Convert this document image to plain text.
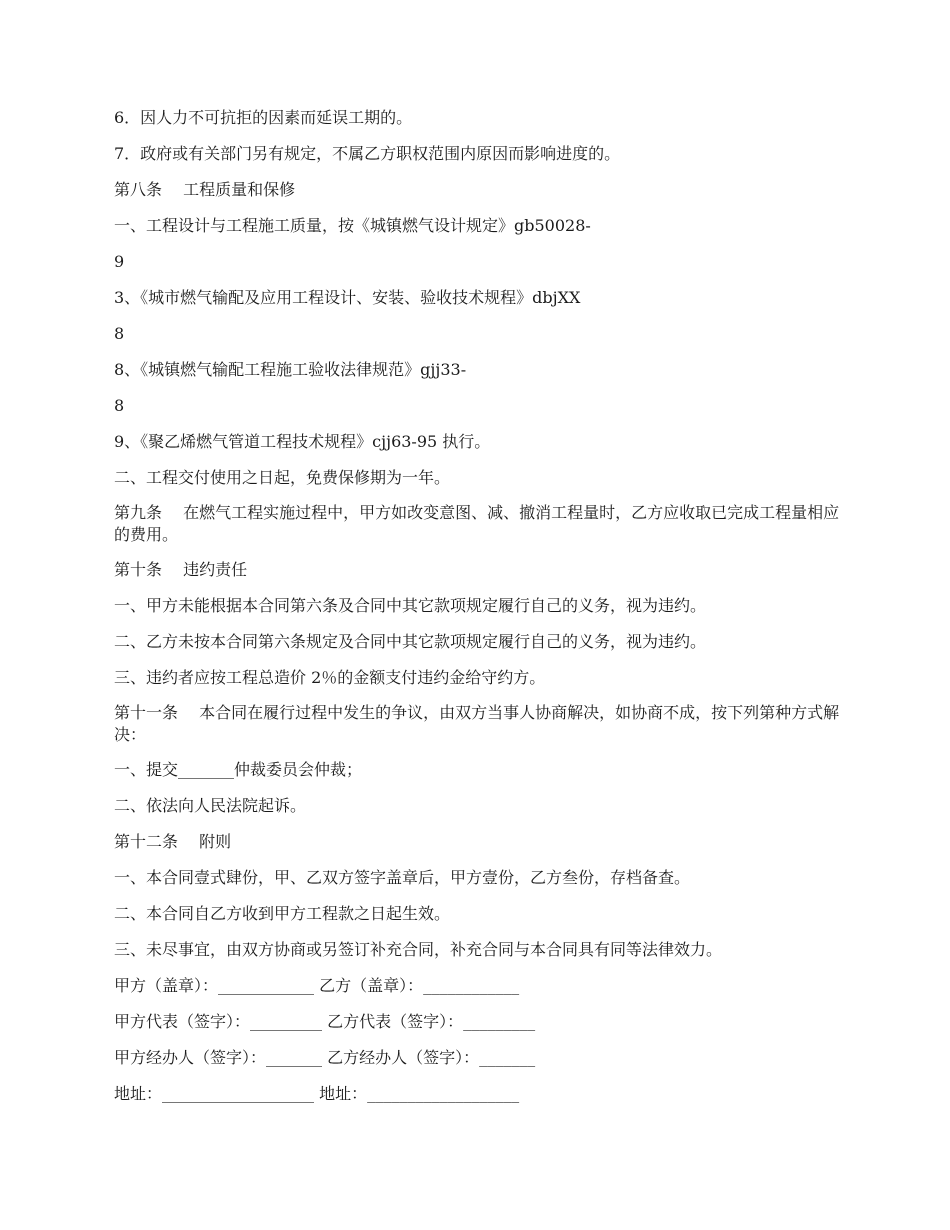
6．因人力不可抗拒的因素而延误工期的。

7．政府或有关部门另有规定，不属乙方职权范围内原因而影响进度的。

第八条　 工程质量和保修

一、工程设计与工程施工质量，按《城镇燃气设计规定》gb50028-

9

3、《城市燃气输配及应用工程设计、安装、验收技术规程》dbjXX

8

8、《城镇燃气输配工程施工验收法律规范》gjj33-

8

9、《聚乙烯燃气管道工程技术规程》cjj63-95 执行。

二、工程交付使用之日起，免费保修期为一年。

第九条　 在燃气工程实施过程中，甲方如改变意图、减、撤消工程量时，乙方应收取已完成工程量相应的费用。

第十条　 违约责任

一、甲方未能根据本合同第六条及合同中其它款项规定履行自己的义务，视为违约。

二、乙方未按本合同第六条规定及合同中其它款项规定履行自己的义务，视为违约。

三、违约者应按工程总造价 2％的金额支付违约金给守约方。

第十一条　 本合同在履行过程中发生的争议，由双方当事人协商解决，如协商不成，按下列第种方式解决：

一、提交_______仲裁委员会仲裁；

二、依法向人民法院起诉。

第十二条　 附则

一、本合同壹式肆份，甲、乙双方签字盖章后，甲方壹份，乙方叁份，存档备查。

二、本合同自乙方收到甲方工程款之日起生效。

三、未尽事宜，由双方协商或另签订补充合同，补充合同与本合同具有同等法律效力。

甲方（盖章）：____________ 乙方（盖章）：____________

甲方代表（签字）：_________ 乙方代表（签字）：_________

甲方经办人（签字）：_______ 乙方经办人（签字）：_______

地址：___________________ 地址：___________________
